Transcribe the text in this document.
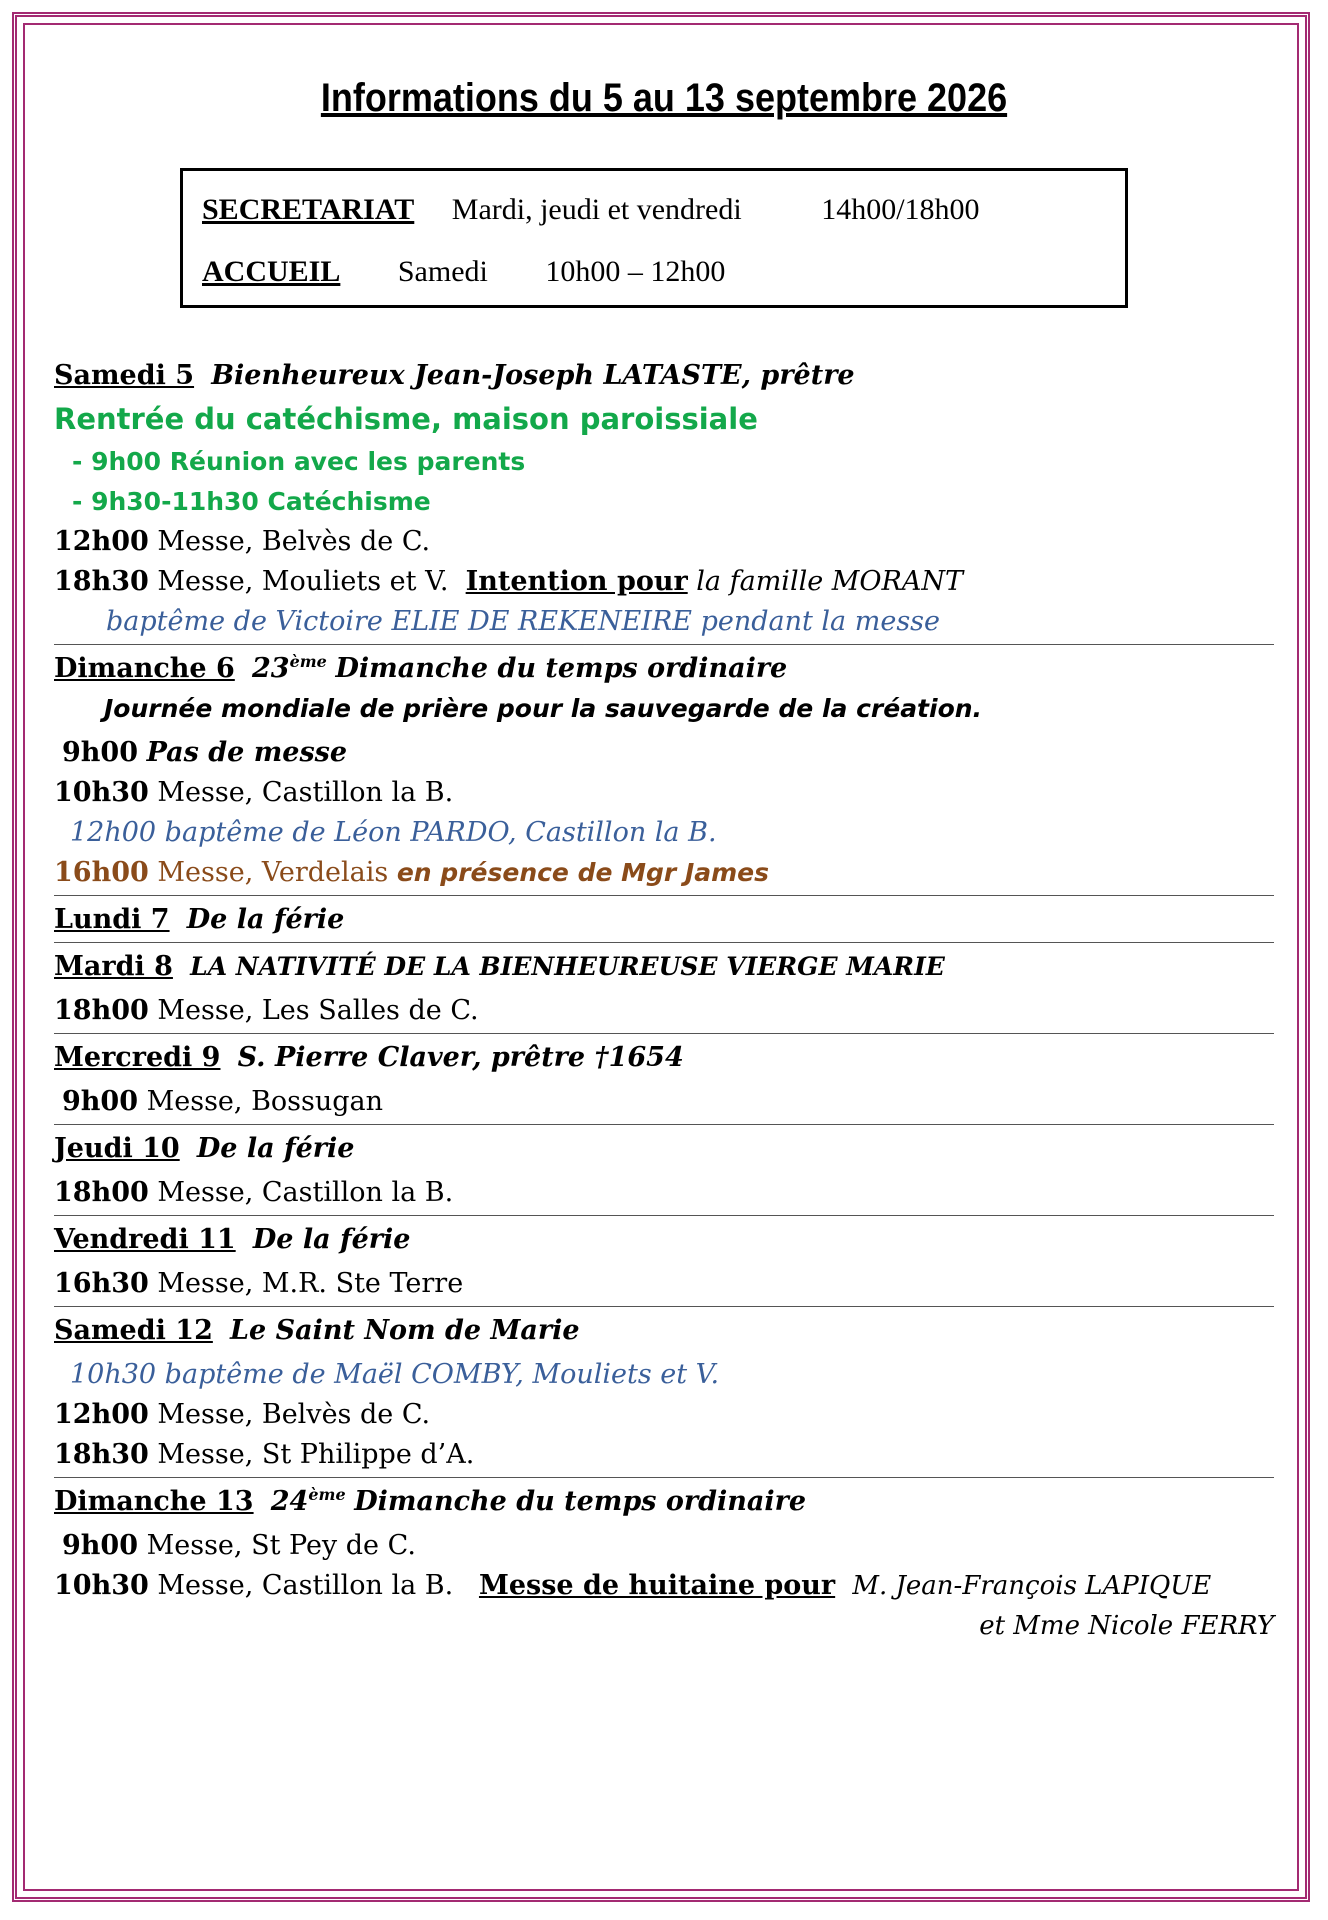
Informations du 5 au 13 septembre 2026
SECRETARIAT Mardi, jeudi et vendredi	14h00/18h00
ACCUEIL Samedi 10h00 – 12h00
Samedi 5 Bienheureux Jean-Joseph LATASTE, prêtre
Rentrée du catéchisme, maison paroissiale
- 9h00 Réunion avec les parents
- 9h30-11h30 Catéchisme
12h00 Messe, Belvès de C.
18h30 Messe, Mouliets et V. Intention pour la famille MORANT
baptême de Victoire ELIE DE REKENEIRE pendant la messe
Dimanche 6 23ème Dimanche du temps ordinaire
Journée mondiale de prière pour la sauvegarde de la création.
9h00 Pas de messe
10h30 Messe, Castillon la B.
12h00 baptême de Léon PARDO, Castillon la B.
16h00 Messe, Verdelais en présence de Mgr James
Lundi 7 De la férie
Mardi 8 LA NATIVITÉ DE LA BIENHEUREUSE VIERGE MARIE
18h00 Messe, Les Salles de C.
Mercredi 9 S. Pierre Claver, prêtre †1654
9h00 Messe, Bossugan
Jeudi 10 De la férie
18h00 Messe, Castillon la B.
Vendredi 11 De la férie
16h30 Messe, M.R. Ste Terre
Samedi 12 Le Saint Nom de Marie
10h30 baptême de Maël COMBY, Mouliets et V.
12h00 Messe, Belvès de C.
18h30 Messe, St Philippe d’A.
Dimanche 13 24ème Dimanche du temps ordinaire
9h00 Messe, St Pey de C.
10h30 Messe, Castillon la B. Messe de huitaine pour M. Jean-François LAPIQUE
et Mme Nicole FERRY
